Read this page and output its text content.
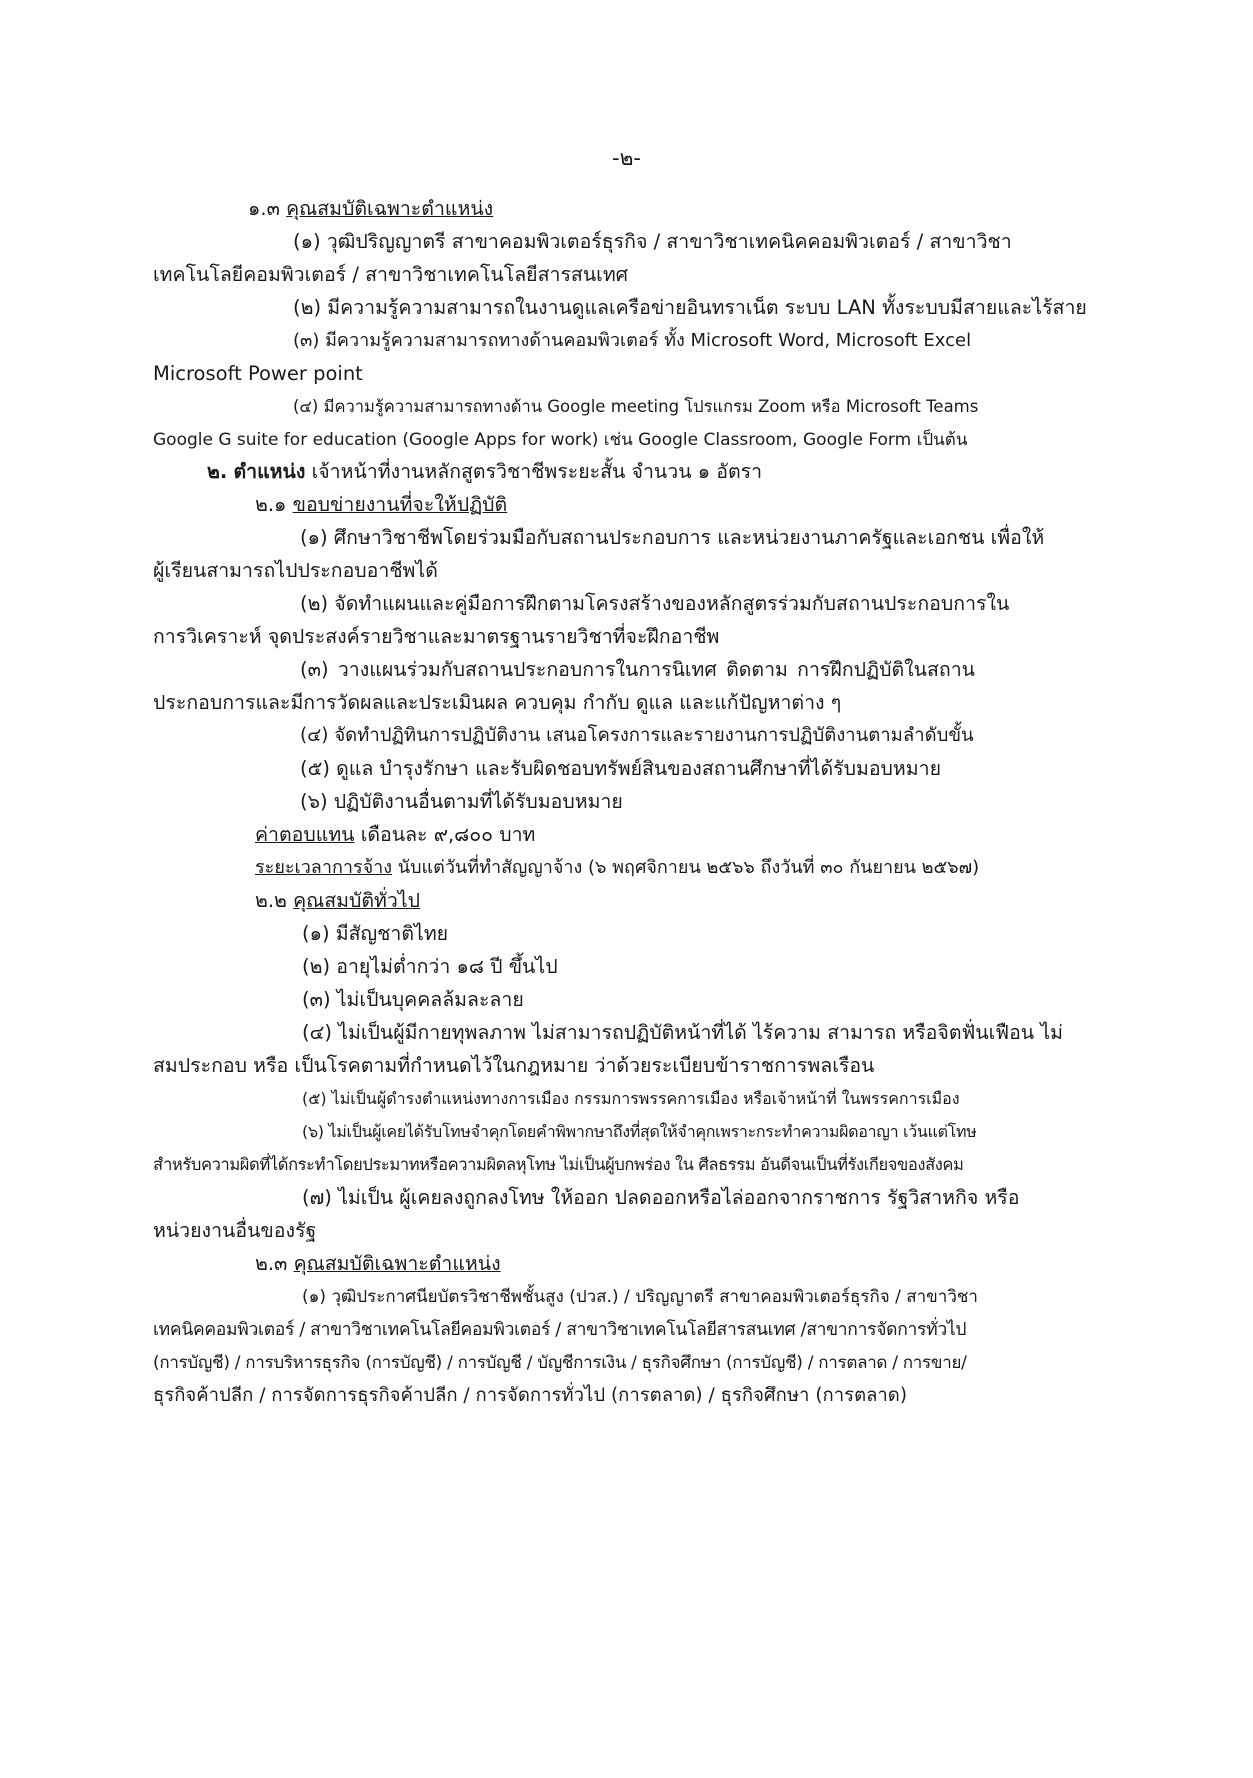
-๒-
๑.๓ คุณสมบัติเฉพาะตำแหน่ง
(๑) วุฒิปริญญาตรี สาขาคอมพิวเตอร์ธุรกิจ / สาขาวิชาเทคนิคคอมพิวเตอร์ / สาขาวิชา
เทคโนโลยีคอมพิวเตอร์ / สาขาวิชาเทคโนโลยีสารสนเทศ
(๒) มีความรู้ความสามารถในงานดูแลเครือข่ายอินทราเน็ต ระบบ LAN ทั้งระบบมีสายและไร้สาย
(๓) มีความรู้ความสามารถทางด้านคอมพิวเตอร์ ทั้ง Microsoft Word, Microsoft Excel
Microsoft Power point
(๔) มีความรู้ความสามารถทางด้าน Google meeting โปรแกรม Zoom หรือ Microsoft Teams
Google G suite for education (Google Apps for work) เช่น Google Classroom, Google Form เป็นต้น
๒. ตำแหน่ง เจ้าหน้าที่งานหลักสูตรวิชาชีพระยะสั้น จำนวน ๑ อัตรา
๒.๑ ขอบข่ายงานที่จะให้ปฏิบัติ
(๑) ศึกษาวิชาชีพโดยร่วมมือกับสถานประกอบการ และหน่วยงานภาครัฐและเอกชน เพื่อให้
ผู้เรียนสามารถไปประกอบอาชีพได้
(๒) จัดทำแผนและคู่มือการฝึกตามโครงสร้างของหลักสูตรร่วมกับสถานประกอบการใน
การวิเคราะห์ จุดประสงค์รายวิชาและมาตรฐานรายวิชาที่จะฝึกอาชีพ
(๓) วางแผนร่วมกับสถานประกอบการในการนิเทศ ติดตาม การฝึกปฏิบัติในสถาน
ประกอบการและมีการวัดผลและประเมินผล ควบคุม กำกับ ดูแล และแก้ปัญหาต่าง ๆ
(๔) จัดทำปฏิทินการปฏิบัติงาน เสนอโครงการและรายงานการปฏิบัติงานตามลำดับขั้น
(๕) ดูแล บำรุงรักษา และรับผิดชอบทรัพย์สินของสถานศึกษาที่ได้รับมอบหมาย
(๖) ปฏิบัติงานอื่นตามที่ได้รับมอบหมาย
ค่าตอบแทน เดือนละ ๙,๘๐๐ บาท
ระยะเวลาการจ้าง นับแต่วันที่ทำสัญญาจ้าง (๖ พฤศจิกายน ๒๕๖๖ ถึงวันที่ ๓๐ กันยายน ๒๕๖๗)
๒.๒ คุณสมบัติทั่วไป
(๑) มีสัญชาติไทย
(๒) อายุไม่ต่ำกว่า ๑๘ ปี ขึ้นไป
(๓) ไม่เป็นบุคคลล้มละลาย
(๔) ไม่เป็นผู้มีกายทุพลภาพ ไม่สามารถปฏิบัติหน้าที่ได้ ไร้ความ สามารถ หรือจิตฟั่นเฟือน ไม่
สมประกอบ หรือ เป็นโรคตามที่กำหนดไว้ในกฎหมาย ว่าด้วยระเบียบข้าราชการพลเรือน
(๕) ไม่เป็นผู้ดำรงตำแหน่งทางการเมือง กรรมการพรรคการเมือง หรือเจ้าหน้าที่ ในพรรคการเมือง
(๖) ไม่เป็นผู้เคยได้รับโทษจำคุกโดยคำพิพากษาถึงที่สุดให้จำคุกเพราะกระทำความผิดอาญา เว้นแต่โทษ
สำหรับความผิดที่ได้กระทำโดยประมาทหรือความผิดลหุโทษ ไม่เป็นผู้บกพร่อง ใน ศีลธรรม อันดีจนเป็นที่รังเกียจของสังคม
(๗) ไม่เป็น ผู้เคยลงถูกลงโทษ ให้ออก ปลดออกหรือไล่ออกจากราชการ รัฐวิสาหกิจ หรือ
หน่วยงานอื่นของรัฐ
๒.๓ คุณสมบัติเฉพาะตำแหน่ง
(๑) วุฒิประกาศนียบัตรวิชาชีพชั้นสูง (ปวส.) / ปริญญาตรี สาขาคอมพิวเตอร์ธุรกิจ / สาขาวิชา
เทคนิคคอมพิวเตอร์ / สาขาวิชาเทคโนโลยีคอมพิวเตอร์ / สาขาวิชาเทคโนโลยีสารสนเทศ /สาขาการจัดการทั่วไป
(การบัญชี) / การบริหารธุรกิจ (การบัญชี) / การบัญชี / บัญชีการเงิน / ธุรกิจศึกษา (การบัญชี) / การตลาด / การขาย/
ธุรกิจค้าปลีก / การจัดการธุรกิจค้าปลีก / การจัดการทั่วไป (การตลาด) / ธุรกิจศึกษา (การตลาด)
